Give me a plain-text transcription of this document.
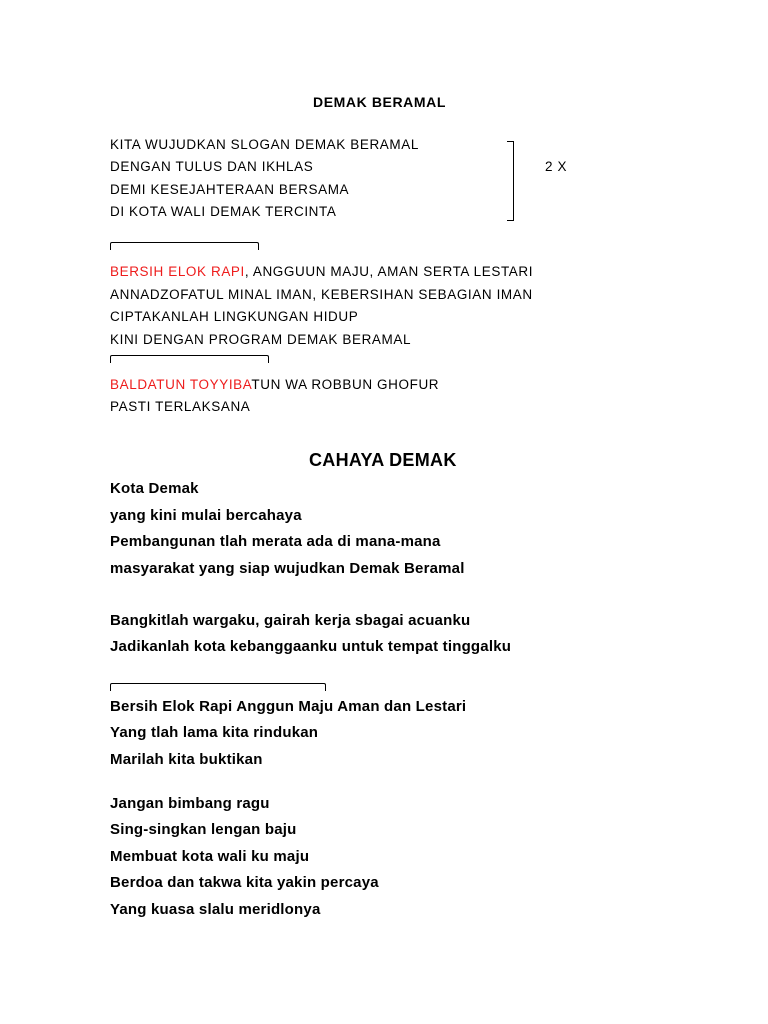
DEMAK BERAMAL
KITA WUJUDKAN SLOGAN DEMAK BERAMAL
DENGAN TULUS DAN IKHLAS
DEMI KESEJAHTERAAN BERSAMA
DI KOTA WALI DEMAK TERCINTA
2 X
BERSIH ELOK RAPI, ANGGUUN MAJU, AMAN SERTA LESTARI
ANNADZOFATUL MINAL IMAN, KEBERSIHAN SEBAGIAN IMAN
CIPTAKANLAH LINGKUNGAN HIDUP
KINI DENGAN PROGRAM DEMAK BERAMAL
BALDATUN TOYYIBATUN WA ROBBUN GHOFUR
PASTI TERLAKSANA
CAHAYA DEMAK
Kota Demak
yang kini mulai bercahaya
Pembangunan tlah merata ada di mana-mana
masyarakat yang siap wujudkan Demak Beramal
Bangkitlah wargaku, gairah kerja sbagai acuanku
Jadikanlah kota kebanggaanku untuk tempat tinggalku
Bersih Elok Rapi Anggun Maju Aman dan Lestari
Yang tlah lama kita rindukan
Marilah kita buktikan
Jangan bimbang ragu
Sing-singkan lengan baju
Membuat kota wali ku maju
Berdoa dan takwa kita yakin percaya
Yang kuasa slalu meridlonya
